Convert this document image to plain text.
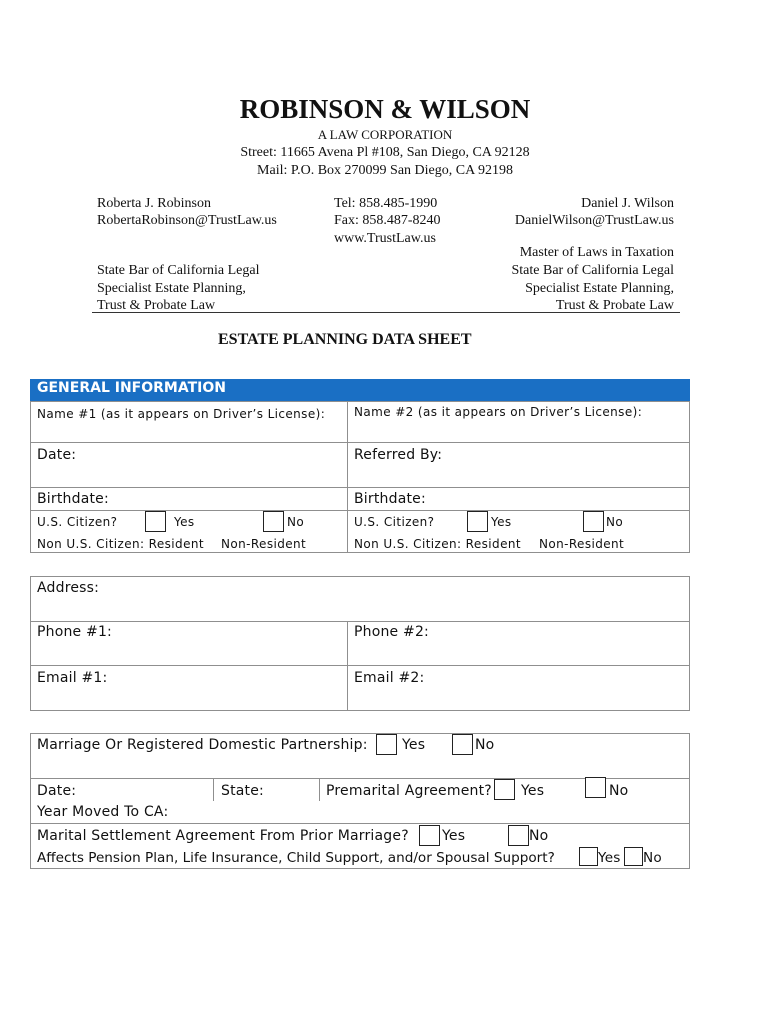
ROBINSON & WILSON
A LAW CORPORATION
Street: 11665 Avena Pl #108, San Diego, CA 92128
Mail: P.O. Box 270099 San Diego, CA 92198
Roberta J. Robinson
RobertaRobinson@TrustLaw.us
State Bar of California Legal
Specialist Estate Planning,
Trust & Probate Law
Tel: 858.485-1990
Fax: 858.487-8240
www.TrustLaw.us
Daniel J. Wilson
DanielWilson@TrustLaw.us
Master of Laws in Taxation
State Bar of California Legal
Specialist Estate Planning,
Trust & Probate Law
ESTATE PLANNING DATA SHEET
GENERAL INFORMATION
Name #1 (as it appears on Driver’s License): Name #2 (as it appears on Driver’s License):
Date:	Referred By:
Birthdate:	Birthdate:
U.S. Citizen?	Yes	No
Non U.S. Citizen: Resident Non-Resident
U.S. Citizen?	Yes	No
Non U.S. Citizen: Resident Non-Resident
Address:
Phone #1:	Phone #2:
Email #1:	Email #2:
Marriage Or Registered Domestic Partnership: Yes	No
Date:	State:	Premarital Agreement? Yes	No
Year Moved To CA:
Marital Settlement Agreement From Prior Marriage? Yes	No
Affects Pension Plan, Life Insurance, Child Support, and/or Spousal Support?	Yes No
